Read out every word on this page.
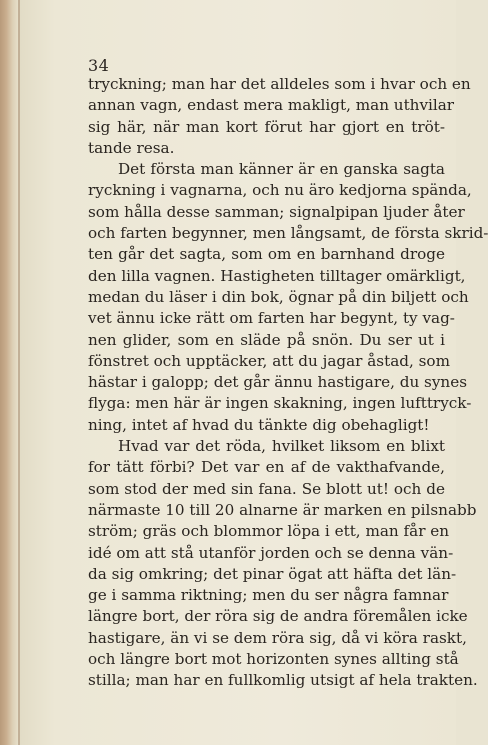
34
tryckning; man har det alldeles som i hvar och en
annan vagn, endast mera makligt, man uthvilar
sig här, när man kort förut har gjort en tröt-
tande resa.
Det första man känner är en ganska sagta
ryckning i vagnarna, och nu äro kedjorna spända,
som hålla desse samman; signalpipan ljuder åter
och farten begynner, men långsamt, de första skrid-
ten går det sagta, som om en barnhand droge
den lilla vagnen. Hastigheten tilltager omärkligt,
medan du läser i din bok, ögnar på din biljett och
vet ännu icke rätt om farten har begynt, ty vag-
nen glider, som en släde på snön. Du ser ut i
fönstret och upptäcker, att du jagar åstad, som
hästar i galopp; det går ännu hastigare, du synes
flyga: men här är ingen skakning, ingen lufttryck-
ning, intet af hvad du tänkte dig obehagligt!
Hvad var det röda, hvilket liksom en blixt
for tätt förbi? Det var en af de vakthafvande,
som stod der med sin fana. Se blott ut! och de
närmaste 10 till 20 alnarne är marken en pilsnabb
ström; gräs och blommor löpa i ett, man får en
idé om att stå utanför jorden och se denna vän-
da sig omkring; det pinar ögat att häfta det län-
ge i samma riktning; men du ser några famnar
längre bort, der röra sig de andra föremålen icke
hastigare, än vi se dem röra sig, då vi köra raskt,
och längre bort mot horizonten synes allting stå
stilla; man har en fullkomlig utsigt af hela trakten.
